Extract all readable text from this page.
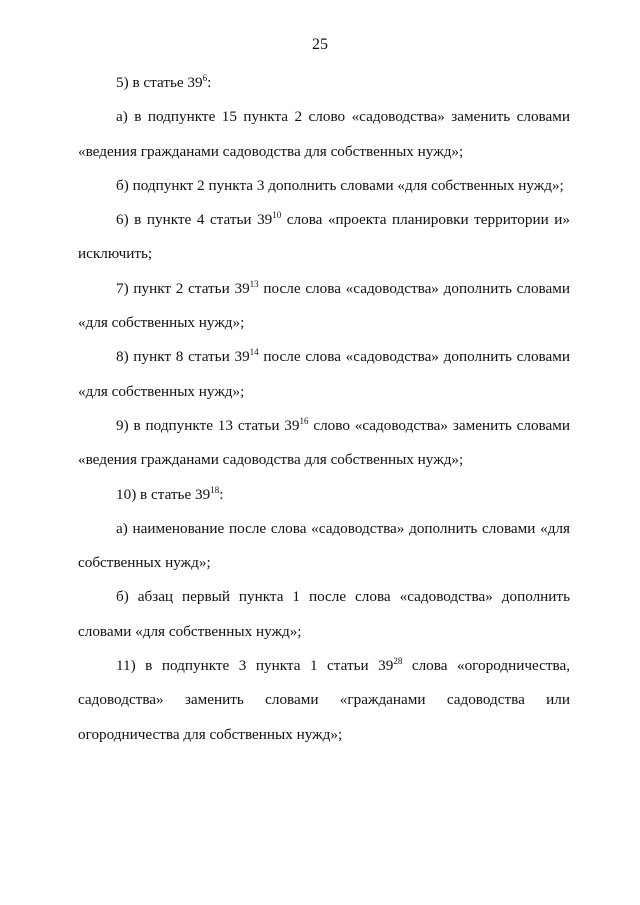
25

5) в статье $39^6$:

а) в подпункте 15 пункта 2 слово «садоводства» заменить словами «ведения гражданами садоводства для собственных нужд»;

б) подпункт 2 пункта 3 дополнить словами «для собственных нужд»;

6) в пункте 4 статьи $39^{10}$ слова «проекта планировки территории и» исключить;

7) пункт 2 статьи $39^{13}$ после слова «садоводства» дополнить словами «для собственных нужд»;

8) пункт 8 статьи $39^{14}$ после слова «садоводства» дополнить словами «для собственных нужд»;

9) в подпункте 13 статьи $39^{16}$ слово «садоводства» заменить словами «ведения гражданами садоводства для собственных нужд»;

10) в статье $39^{18}$:

а) наименование после слова «садоводства» дополнить словами «для собственных нужд»;

б) абзац первый пункта 1 после слова «садоводства» дополнить словами «для собственных нужд»;

11) в подпункте 3 пункта 1 статьи $39^{28}$ слова «огородничества, садоводства» заменить словами «гражданами садоводства или огородничества для собственных нужд»;
